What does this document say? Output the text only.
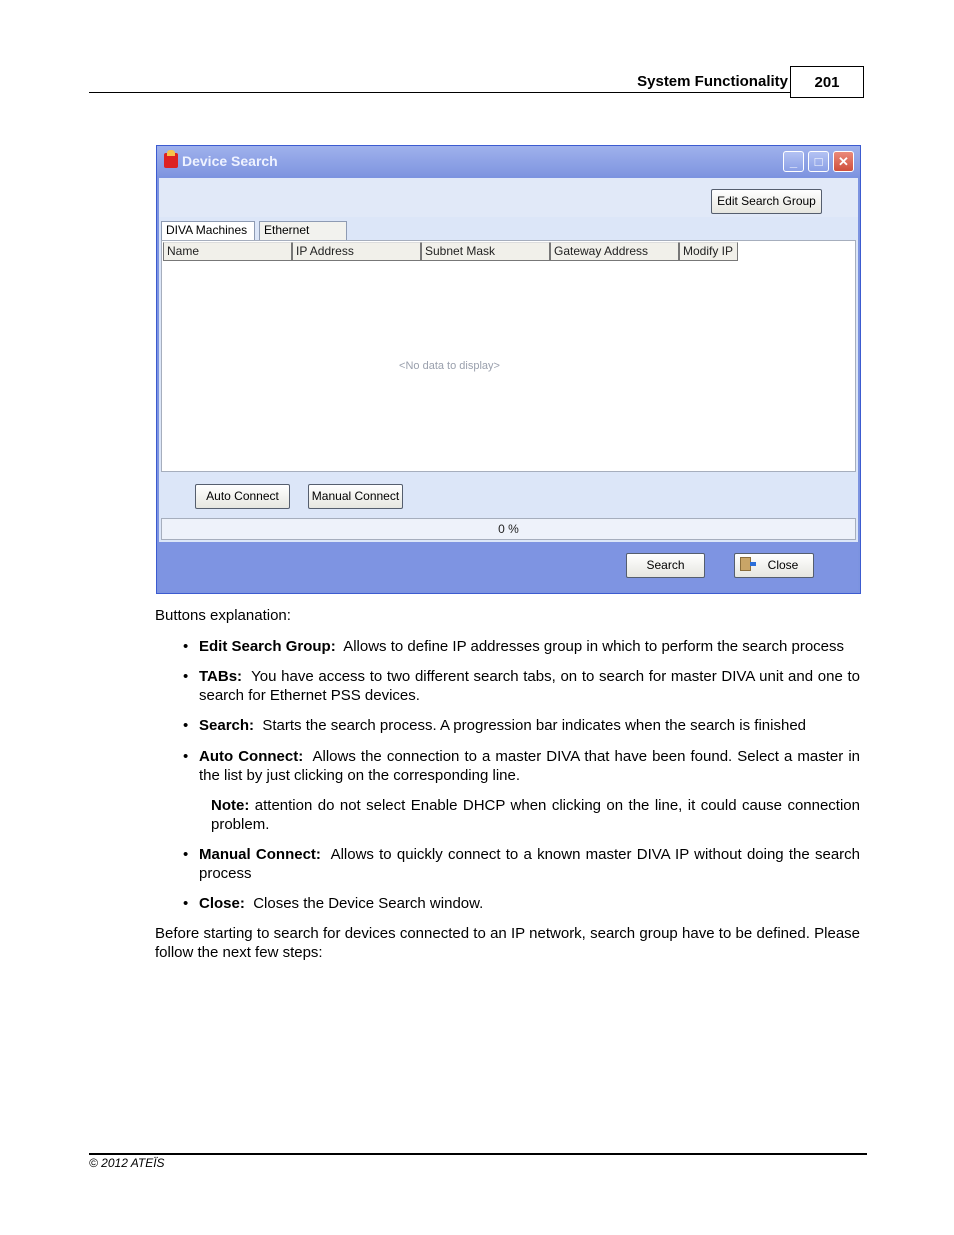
System Functionality	201
Device Search	_	□	✕
Edit Search Group
DIVA Machines	Ethernet
Name	IP Address	Subnet Mask	Gateway Address	Modify IP
<No data to display>
Auto Connect	Manual Connect
0 %
Search	Close
Buttons explanation:
• Edit Search Group: Allows to define IP addresses group in which to perform the search process
• TABs: You have access to two different search tabs, on to search for master DIVA unit and one to search for Ethernet PSS devices.
• Search: Starts the search process. A progression bar indicates when the search is finished
• Auto Connect: Allows the connection to a master DIVA that have been found. Select a master in the list by just clicking on the corresponding line.
Note: attention do not select Enable DHCP when clicking on the line, it could cause connection problem.
• Manual Connect: Allows to quickly connect to a known master DIVA IP without doing the search process
• Close: Closes the Device Search window.
Before starting to search for devices connected to an IP network, search group have to be defined. Please follow the next few steps:
© 2012 ATEÏS
